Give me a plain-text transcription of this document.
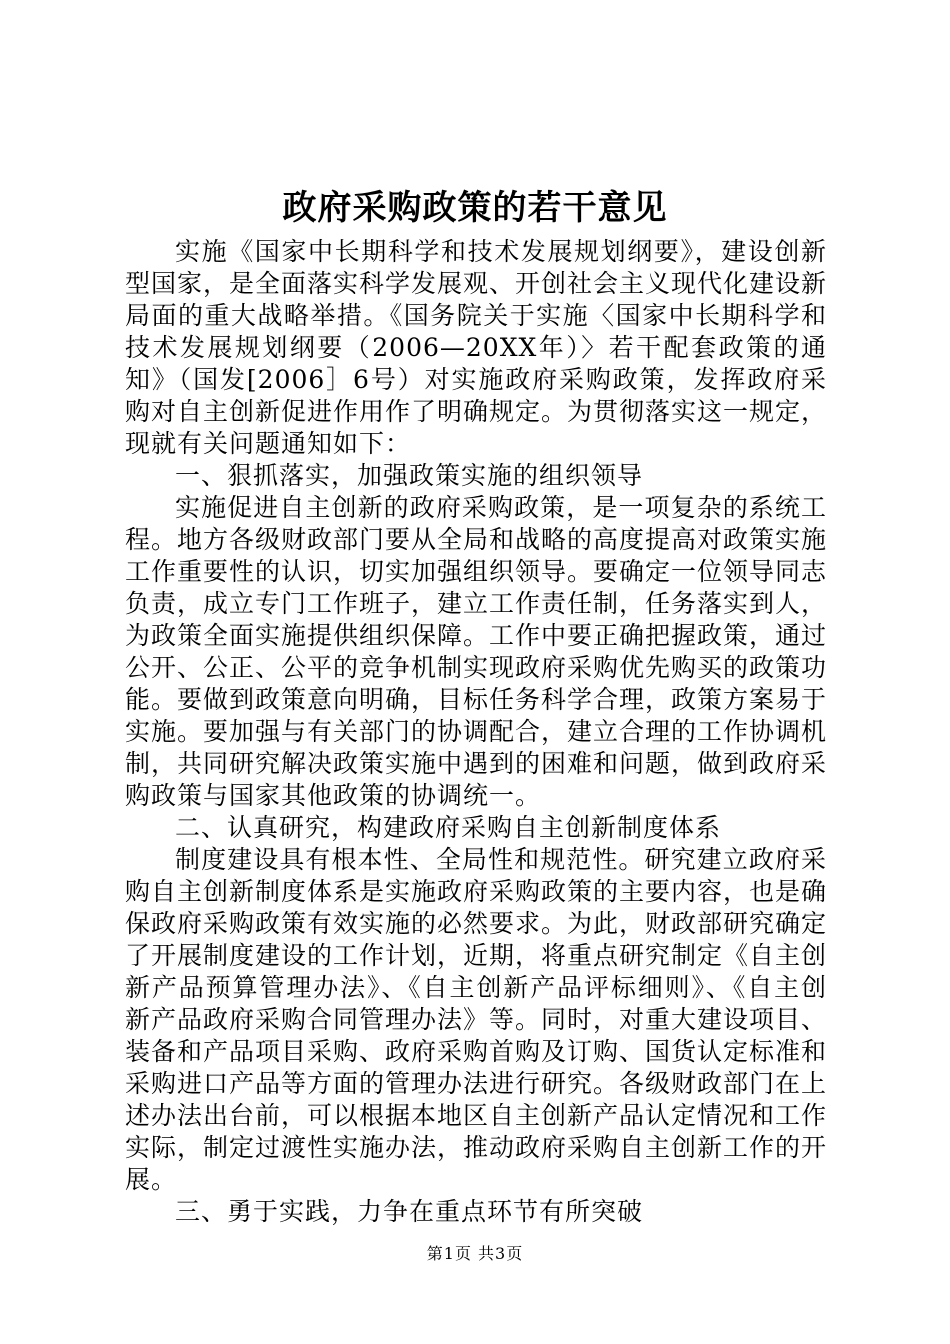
政府采购政策的若干意见

实施《国家中长期科学和技术发展规划纲要》，建设创新型国家，是全面落实科学发展观、开创社会主义现代化建设新局面的重大战略举措。《国务院关于实施〈国家中长期科学和技术发展规划纲要（2006—20XX年）〉若干配套政策的通知》（国发[2006］6号）对实施政府采购政策，发挥政府采购对自主创新促进作用作了明确规定。为贯彻落实这一规定，现就有关问题通知如下：

一、狠抓落实，加强政策实施的组织领导

实施促进自主创新的政府采购政策，是一项复杂的系统工程。地方各级财政部门要从全局和战略的高度提高对政策实施工作重要性的认识，切实加强组织领导。要确定一位领导同志负责，成立专门工作班子，建立工作责任制，任务落实到人，为政策全面实施提供组织保障。工作中要正确把握政策，通过公开、公正、公平的竞争机制实现政府采购优先购买的政策功能。要做到政策意向明确，目标任务科学合理，政策方案易于实施。要加强与有关部门的协调配合，建立合理的工作协调机制，共同研究解决政策实施中遇到的困难和问题，做到政府采购政策与国家其他政策的协调统一。

二、认真研究，构建政府采购自主创新制度体系

制度建设具有根本性、全局性和规范性。研究建立政府采购自主创新制度体系是实施政府采购政策的主要内容，也是确保政府采购政策有效实施的必然要求。为此，财政部研究确定了开展制度建设的工作计划，近期，将重点研究制定《自主创新产品预算管理办法》、《自主创新产品评标细则》、《自主创新产品政府采购合同管理办法》等。同时，对重大建设项目、装备和产品项目采购、政府采购首购及订购、国货认定标准和采购进口产品等方面的管理办法进行研究。各级财政部门在上述办法出台前，可以根据本地区自主创新产品认定情况和工作实际，制定过渡性实施办法，推动政府采购自主创新工作的开展。

三、勇于实践，力争在重点环节有所突破

第1页 共3页
